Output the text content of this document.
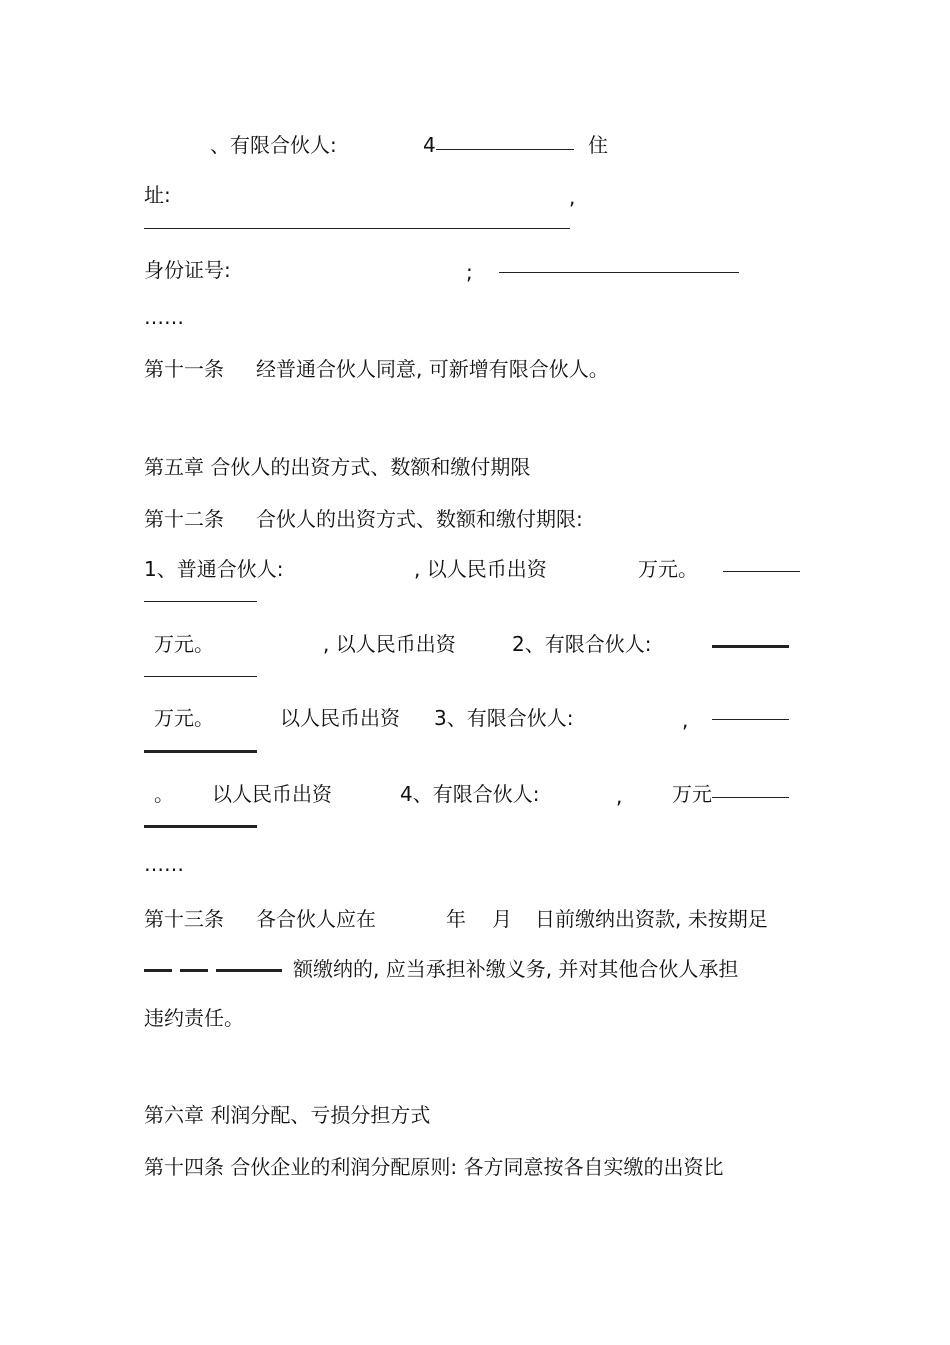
、有限合伙人:	4	住
址:	,
身份证号:	;
……
第十一条 经普通合伙人同意, 可新增有限合伙人。
第五章 合伙人的出资方式、数额和缴付期限
第十二条 合伙人的出资方式、数额和缴付期限:
1、普通合伙人:	, 以人民币出资	万元。
万元。	, 以人民币出资	2、有限合伙人:
万元。	以人民币出资 3、有限合伙人:	,
。 以人民币出资	4、有限合伙人:	, 万元
……
第十三条 各合伙人应在	年 月 日前缴纳出资款, 未按期足
额缴纳的, 应当承担补缴义务, 并对其他合伙人承担
违约责任。
第六章 利润分配、亏损分担方式
第十四条 合伙企业的利润分配原则: 各方同意按各自实缴的出资比
